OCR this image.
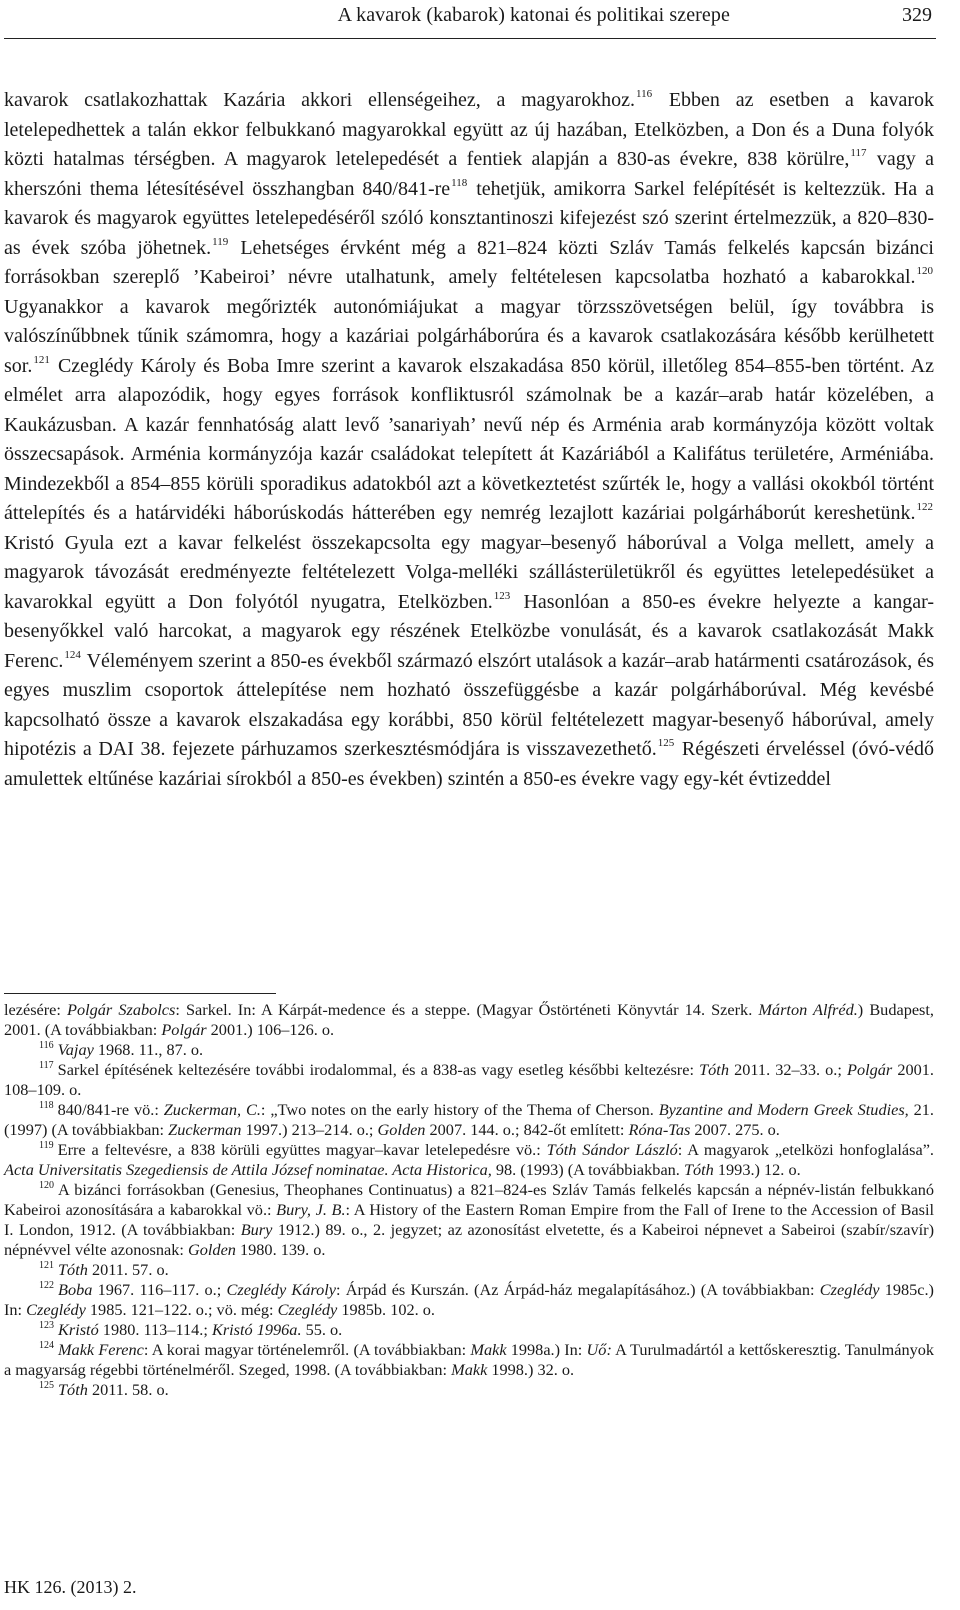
A kavarok (kabarok) katonai és politikai szerepe	329

kavarok csatlakozhattak Kazária akkori ellenségeihez, a magyarokhoz.$^{116}$ Ebben az esetben a kavarok letelepedhettek a talán ekkor felbukkanó magyarokkal együtt az új hazában, Etelközben, a Don és a Duna folyók közti hatalmas térségben. A magyarok letelepedését a fentiek alapján a 830-as évekre, 838 körülre,$^{117}$ vagy a kherszóni thema létesítésével összhangban $840/841-re^{118}$ tehetjük, amikorra Sarkel felépítését is keltezzük. Ha a kavarok és magyarok együttes letelepedéséről szóló konsztantinoszi kifejezést szó szerint értelmezzük, a 820–830-as évek szóba jöhetnek.$^{119}$ Lehetséges érvként még a 821–824 közti Szláv Tamás felkelés kapcsán bizánci forrásokban szereplő ’Kabeiroi’ névre utalhatunk, amely feltételesen kapcsolatba hozható a kabarokkal.$^{120}$ Ugyanakkor a kavarok megőrizték autonómiájukat a magyar törzsszövetségen belül, így továbbra is valószínűbbnek tűnik számomra, hogy a kazáriai polgárháborúra és a kavarok csatlakozására később kerülhetett sor.$^{121}$ Czeglédy Károly és Boba Imre szerint a kavarok elszakadása 850 körül, illetőleg 854–855-ben történt. Az elmélet arra alapozódik, hogy egyes források konfliktusról számolnak be a kazár–arab határ közelében, a Kaukázusban. A kazár fennhatóság alatt levő ’sanariyah’ nevű nép és Arménia arab kormányzója között voltak összecsapások. Arménia kormányzója kazár családokat telepített át Kazáriából a Kalifátus területére, Arméniába. Mindezekből a 854–855 körüli sporadikus adatokból azt a következtetést szűrték le, hogy a vallási okokból történt áttelepítés és a határvidéki háborúskodás hátterében egy nemrég lezajlott kazáriai polgárháborút kereshetünk.$^{122}$ Kristó Gyula ezt a kavar felkelést összekapcsolta egy magyar–besenyő háborúval a Volga mellett, amely a magyarok távozását eredményezte feltételezett Volga-melléki szállásterületükről és együttes letelepedésüket a kavarokkal együtt a Don folyótól nyugatra, Etelközben.$^{123}$ Hasonlóan a 850-es évekre helyezte a kangar-besenyőkkel való harcokat, a magyarok egy részének Etelközbe vonulását, és a kavarok csatlakozását Makk Ferenc.$^{124}$ Véleményem szerint a 850-es évekből származó elszórt utalások a kazár–arab határmenti csatározások, és egyes muszlim csoportok áttelepítése nem hozható összefüggésbe a kazár polgárháborúval. Még kevésbé kapcsolható össze a kavarok elszakadása egy korábbi, 850 körül feltételezett magyar-besenyő háborúval, amely hipotézis a DAI 38. fejezete párhuzamos szerkesztésmódjára is visszavezethető.$^{125}$ Régészeti érveléssel (óvó-védő amulettek eltűnése kazáriai sírokból a 850-es években) szintén a 850-es évekre vagy egy-két évtizeddel

lezésére: Polgár Szabolcs: Sarkel. In: A Kárpát-medence és a steppe. (Magyar Őstörténeti Könyvtár 14. Szerk. Márton Alfréd.) Budapest, 2001. (A továbbiakban: Polgár 2001.) 106–126. o.

$^{116}$ Vajay 1968. 11., 87. o.

$^{117}$ Sarkel építésének keltezésére további irodalommal, és a 838-as vagy esetleg későbbi keltezésre: Tóth 2011. 32–33. o.; Polgár 2001. 108–109. o.

$^{118}$ 840/841-re vö.: Zuckerman, C.: „Two notes on the early history of the Thema of Cherson. Byzantine and Modern Greek Studies, 21. (1997) (A továbbiakban: Zuckerman 1997.) 213–214. o.; Golden 2007. 144. o.; 842-őt említett: Róna-Tas 2007. 275. o.

$^{119}$ Erre a feltevésre, a 838 körüli együttes magyar–kavar letelepedésre vö.: Tóth Sándor László: A magyarok „etelközi honfoglalása”. Acta Universitatis Szegediensis de Attila József nominatae. Acta Historica, 98. (1993) (A továbbiakban. Tóth 1993.) 12. o.

$^{120}$ A bizánci forrásokban (Genesius, Theophanes Continuatus) a 821–824-es Szláv Tamás felkelés kapcsán a népnév-listán felbukkanó Kabeiroi azonosítására a kabarokkal vö.: Bury, J. B.: A History of the Eastern Roman Empire from the Fall of Irene to the Accession of Basil I. London, 1912. (A továbbiakban: Bury 1912.) 89. o., 2. jegyzet; az azonosítást elvetette, és a Kabeiroi népnevet a Sabeiroi (szabír/szavír) népnévvel vélte azonosnak: Golden 1980. 139. o.

$^{121}$ Tóth 2011. 57. o.

$^{122}$ Boba 1967. 116–117. o.; Czeglédy Károly: Árpád és Kurszán. (Az Árpád-ház megalapításához.) (A továbbiakban: Czeglédy 1985c.) In: Czeglédy 1985. 121–122. o.; vö. még: Czeglédy 1985b. 102. o.

$^{123}$ Kristó 1980. 113–114.; Kristó 1996a. 55. o.

$^{124}$ Makk Ferenc: A korai magyar történelemről. (A továbbiakban: Makk 1998a.) In: Uő: A Turulmadártól a kettőskeresztig. Tanulmányok a magyarság régebbi történelméről. Szeged, 1998. (A továbbiakban: Makk 1998.) 32. o.

$^{125}$ Tóth 2011. 58. o.

HK 126. (2013) 2.
